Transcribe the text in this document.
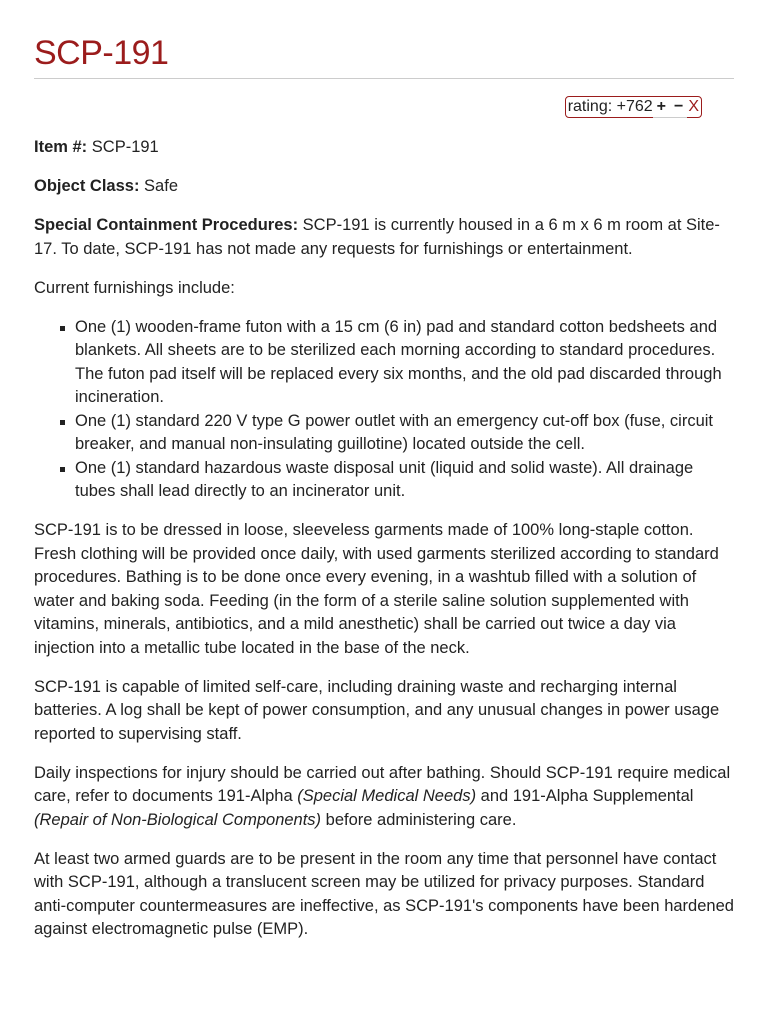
SCP-191
rating: +762 + − X

Item #: SCP-191

Object Class: Safe

Special Containment Procedures: SCP-191 is currently housed in a 6 m x 6 m room at Site-17. To date, SCP-191 has not made any requests for furnishings or entertainment.

Current furnishings include:

One (1) wooden-frame futon with a 15 cm (6 in) pad and standard cotton bedsheets and blankets. All sheets are to be sterilized each morning according to standard procedures. The futon pad itself will be replaced every six months, and the old pad discarded through incineration.
One (1) standard 220 V type G power outlet with an emergency cut-off box (fuse, circuit breaker, and manual non-insulating guillotine) located outside the cell.
One (1) standard hazardous waste disposal unit (liquid and solid waste). All drainage tubes shall lead directly to an incinerator unit.

SCP-191 is to be dressed in loose, sleeveless garments made of 100% long-staple cotton. Fresh clothing will be provided once daily, with used garments sterilized according to standard procedures. Bathing is to be done once every evening, in a washtub filled with a solution of water and baking soda. Feeding (in the form of a sterile saline solution supplemented with vitamins, minerals, antibiotics, and a mild anesthetic) shall be carried out twice a day via injection into a metallic tube located in the base of the neck.

SCP-191 is capable of limited self-care, including draining waste and recharging internal batteries. A log shall be kept of power consumption, and any unusual changes in power usage reported to supervising staff.

Daily inspections for injury should be carried out after bathing. Should SCP-191 require medical care, refer to documents 191-Alpha (Special Medical Needs) and 191-Alpha Supplemental (Repair of Non-Biological Components) before administering care.

At least two armed guards are to be present in the room any time that personnel have contact with SCP-191, although a translucent screen may be utilized for privacy purposes. Standard anti-computer countermeasures are ineffective, as SCP-191's components have been hardened against electromagnetic pulse (EMP).
